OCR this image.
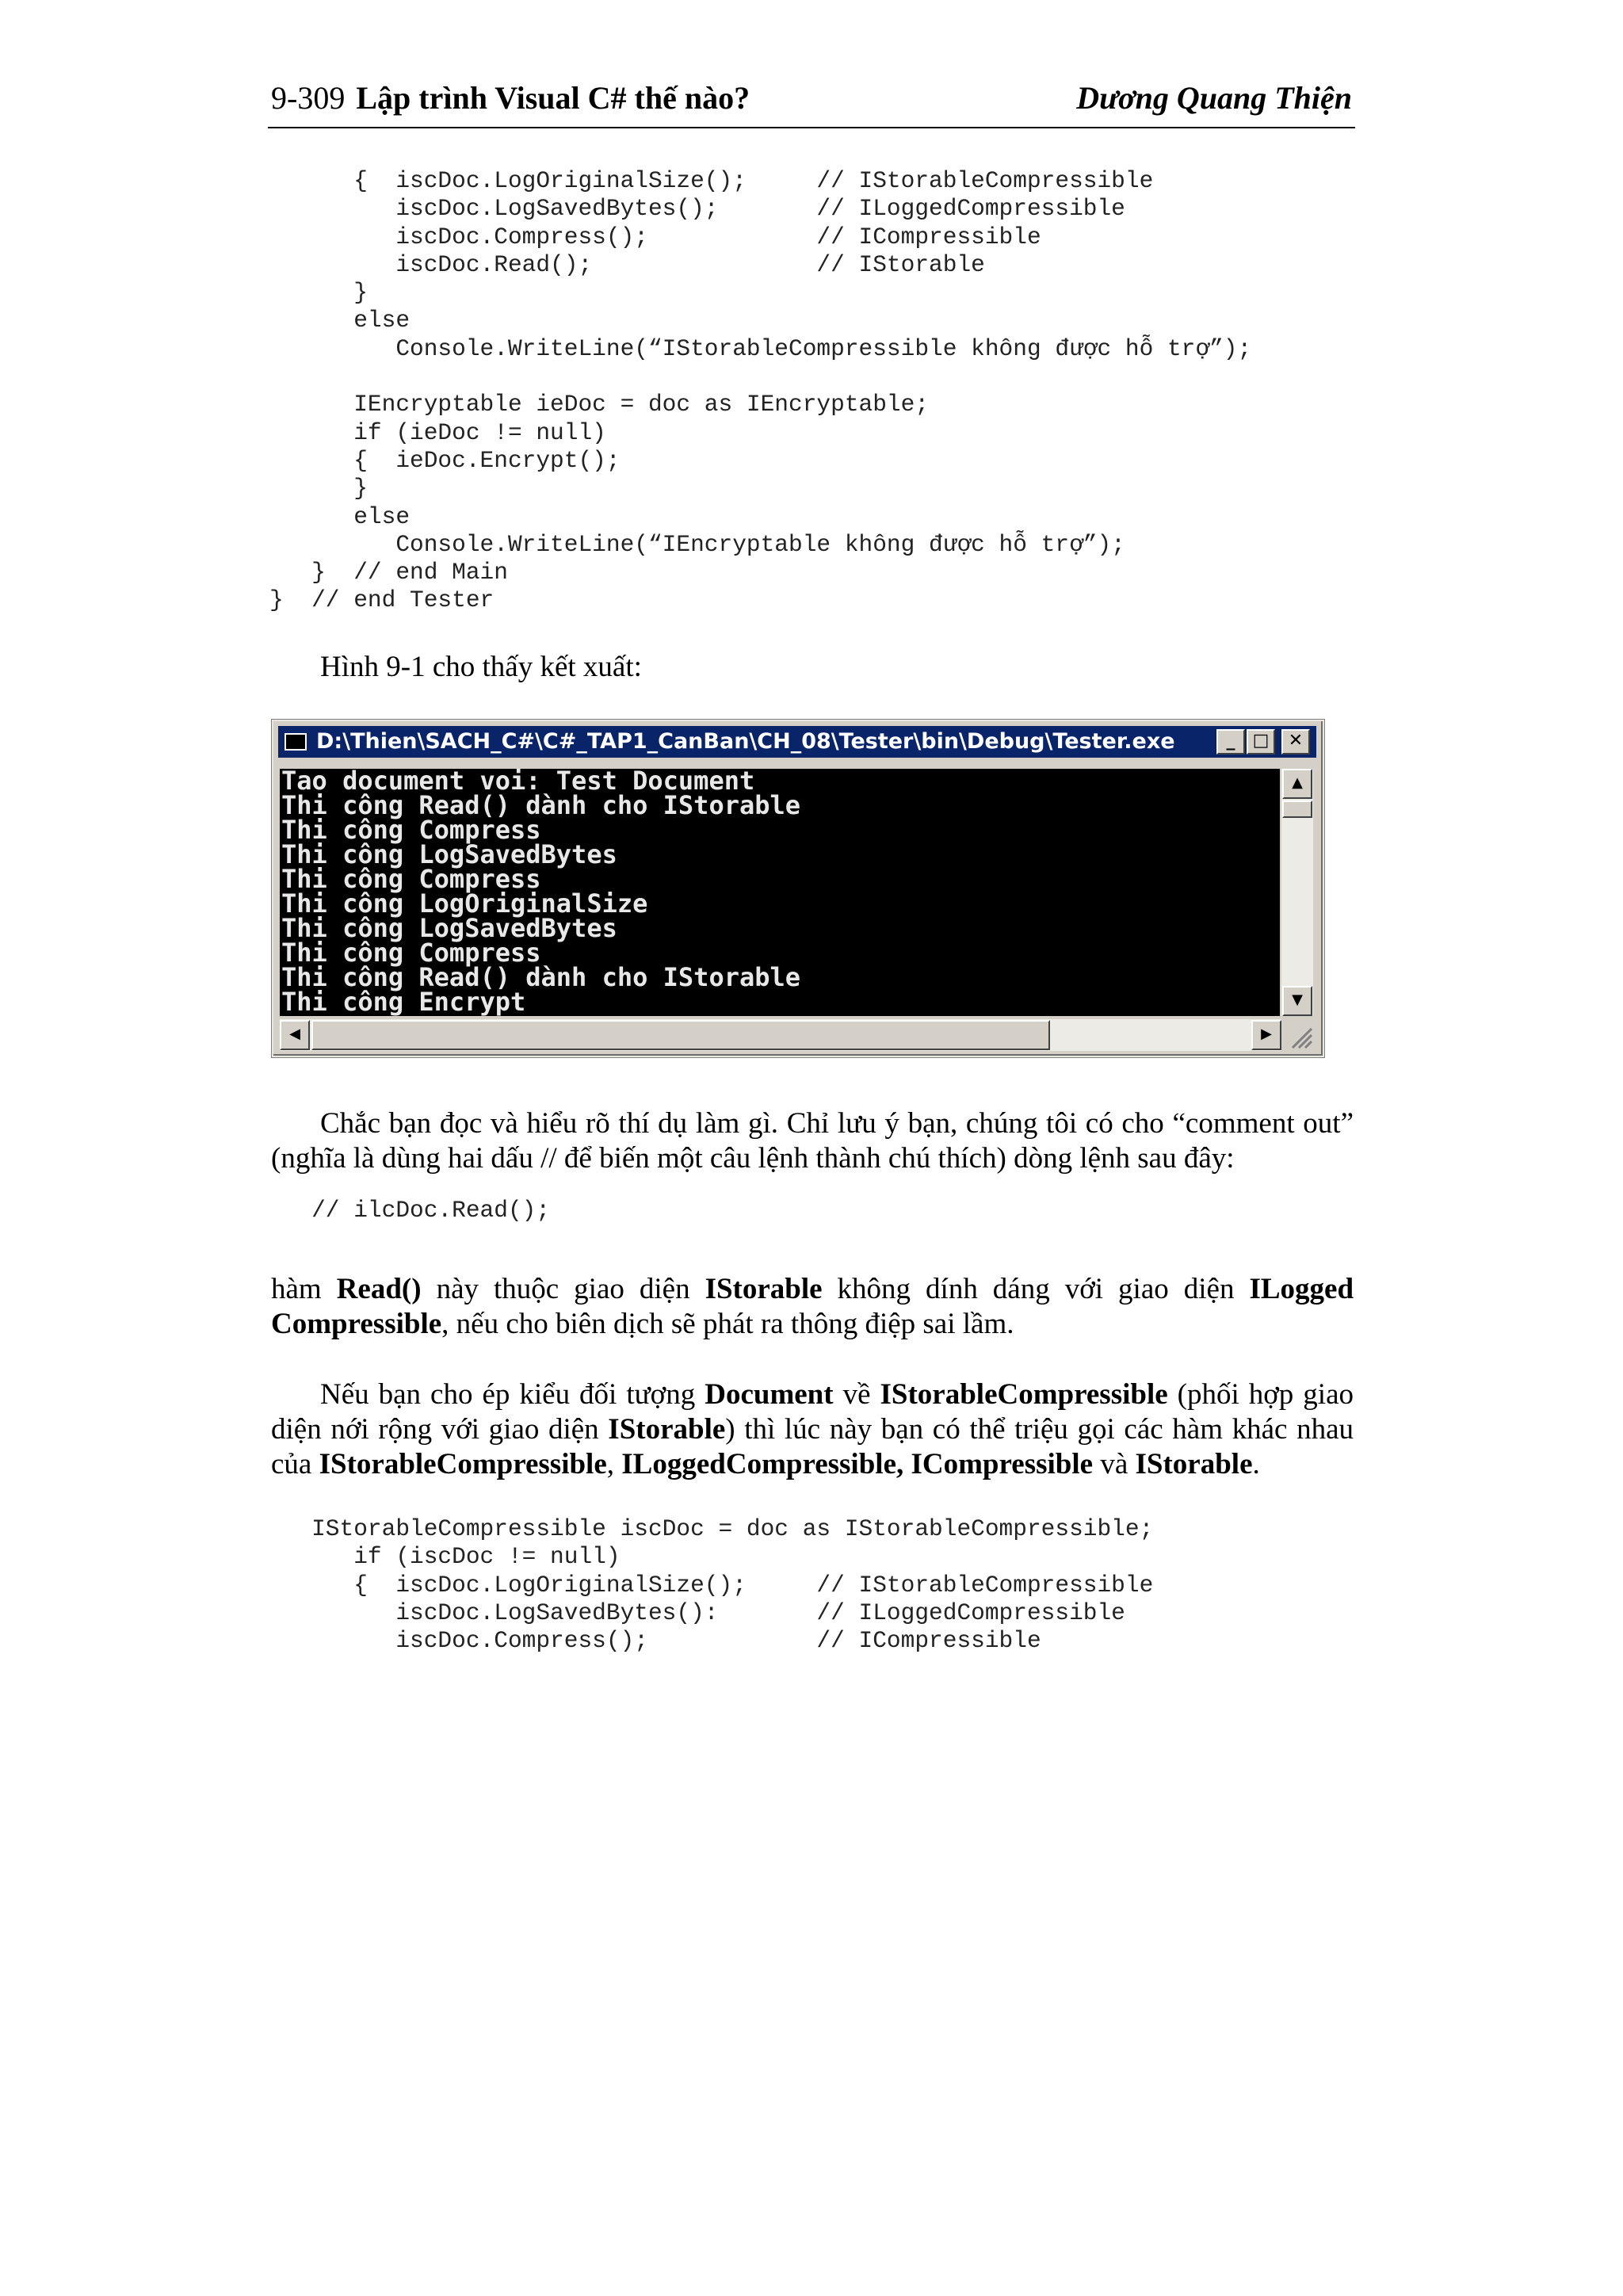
9-309 Lập trình Visual C# thế nào?	Dương Quang Thiện
{  iscDoc.LogOriginalSize();     // IStorableCompressible
iscDoc.LogSavedBytes();       // ILoggedCompressible
iscDoc.Compress();            // ICompressible
iscDoc.Read();                // IStorable
}
else
Console.WriteLine(“IStorableCompressible không được hỗ trợ”);

IEncryptable ieDoc = doc as IEncryptable;
if (ieDoc != null)
{  ieDoc.Encrypt();
}
else
Console.WriteLine(“IEncryptable không được hỗ trợ”);
}  // end Main
}  // end Tester

Hình 9-1 cho thấy kết xuất:

D:\Thien\SACH_C#\C#_TAP1_CanBan\CH_08\Tester\bin\Debug\Tester.exe	_	□	✕
Tao document voi: Test Document
Thi công Read() dành cho IStorable
Thi công Compress
Thi công LogSavedBytes
Thi công Compress
Thi công LogOriginalSize
Thi công LogSavedBytes
Thi công Compress
Thi công Read() dành cho IStorable
Thi công Encrypt
▲
▼
◀	▶

Chắc bạn đọc và hiểu rõ thí dụ làm gì. Chỉ lưu ý bạn, chúng tôi có cho “comment out” (nghĩa là dùng hai dấu // để biến một câu lệnh thành chú thích) dòng lệnh sau đây:

// ilcDoc.Read();

hàm Read() này thuộc giao diện IStorable không dính dáng với giao diện ILogged Compressible, nếu cho biên dịch sẽ phát ra thông điệp sai lầm.

Nếu bạn cho ép kiểu đối tượng Document về IStorableCompressible (phối hợp giao diện nới rộng với giao diện IStorable) thì lúc này bạn có thể triệu gọi các hàm khác nhau của IStorableCompressible, ILoggedCompressible, ICompressible và IStorable.

IStorableCompressible iscDoc = doc as IStorableCompressible;
if (iscDoc != null)
{  iscDoc.LogOriginalSize();     // IStorableCompressible
iscDoc.LogSavedBytes():       // ILoggedCompressible
iscDoc.Compress();            // ICompressible
